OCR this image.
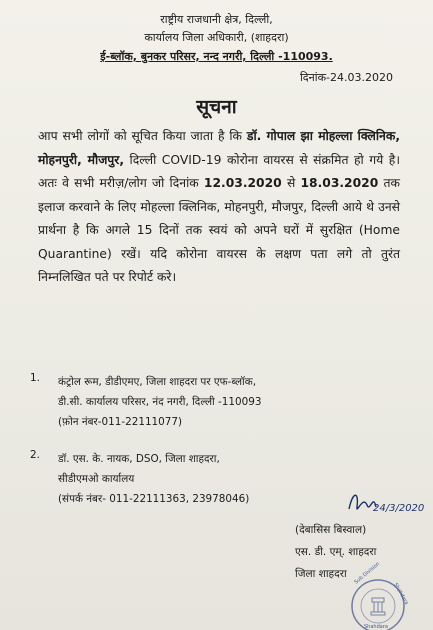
राष्ट्रीय राजधानी क्षेत्र, दिल्ली,
कार्यालय जिला अधिकारी, (शाहदरा)
ई-ब्लॉक, बुनकर परिसर, नन्द नगरी, दिल्ली -110093.
दिनांक-24.03.2020
सूचना
आप सभी लोगों को सूचित किया जाता है कि डॉ. गोपाल झा मोहल्ला क्लिनिक, मोहनपुरी, मौजपुर, दिल्ली COVID-19 कोरोना वायरस से संक्रमित हो गये है। अतः वे सभी मरीज़/लोग जो दिनांक 12.03.2020 से 18.03.2020 तक इलाज करवाने के लिए मोहल्ला क्लिनिक, मोहनपुरी, मौजपुर, दिल्ली आये थे उनसे प्रार्थना है कि अगले 15 दिनों तक स्वयं को अपने घरों में सुरक्षित (Home Quarantine) रखें। यदि कोरोना वायरस के लक्षण पता लगे तो तुरंत निम्नलिखित पते पर रिपोर्ट करे।
1. कंट्रोल रूम, डीडीएमए, जिला शाहदरा पर एफ-ब्लॉक,
डी.सी. कार्यालय परिसर, नंद नगरी, दिल्ली -110093
(फ़ोन नंबर-011-22111077)
2. डॉ. एस. के. नायक, DSO, जिला शाहदरा,
सीडीएमओ कार्यालय
(संपर्क नंबर- 011-22111363, 23978046)
24/3/2020
(देबासिस बिस्वाल)
एस. डी. एम्. शाहदरा
जिला शाहदरा	Sub Division
Shahdara
Shahdara
